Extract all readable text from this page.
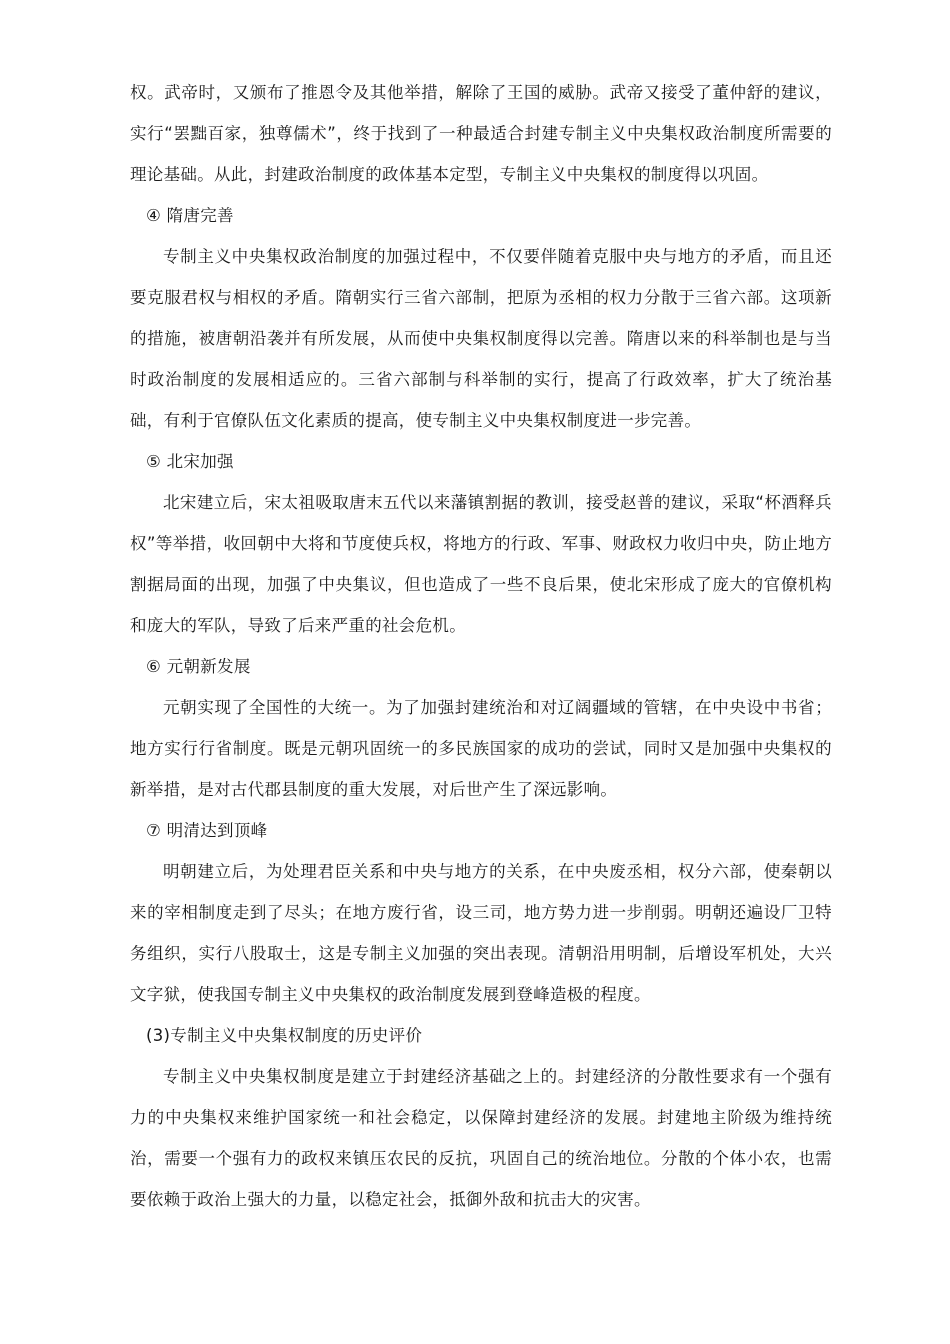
权。武帝时，又颁布了推恩令及其他举措，解除了王国的威胁。武帝又接受了董仲舒的建议，实行“罢黜百家，独尊儒术”，终于找到了一种最适合封建专制主义中央集权政治制度所需要的理论基础。从此，封建政治制度的政体基本定型，专制主义中央集权的制度得以巩固。

④ 隋唐完善

专制主义中央集权政治制度的加强过程中，不仅要伴随着克服中央与地方的矛盾，而且还要克服君权与相权的矛盾。隋朝实行三省六部制，把原为丞相的权力分散于三省六部。这项新的措施，被唐朝沿袭并有所发展，从而使中央集权制度得以完善。隋唐以来的科举制也是与当时政治制度的发展相适应的。三省六部制与科举制的实行，提高了行政效率，扩大了统治基础，有利于官僚队伍文化素质的提高，使专制主义中央集权制度进一步完善。

⑤ 北宋加强

北宋建立后，宋太祖吸取唐末五代以来藩镇割据的教训，接受赵普的建议，采取“杯酒释兵权”等举措，收回朝中大将和节度使兵权，将地方的行政、军事、财政权力收归中央，防止地方割据局面的出现，加强了中央集议，但也造成了一些不良后果，使北宋形成了庞大的官僚机构和庞大的军队，导致了后来严重的社会危机。

⑥ 元朝新发展

元朝实现了全国性的大统一。为了加强封建统治和对辽阔疆域的管辖，在中央设中书省；地方实行行省制度。既是元朝巩固统一的多民族国家的成功的尝试，同时又是加强中央集权的新举措，是对古代郡县制度的重大发展，对后世产生了深远影响。

⑦ 明清达到顶峰

明朝建立后，为处理君臣关系和中央与地方的关系，在中央废丞相，权分六部，使秦朝以来的宰相制度走到了尽头；在地方废行省，设三司，地方势力进一步削弱。明朝还遍设厂卫特务组织，实行八股取士，这是专制主义加强的突出表现。清朝沿用明制，后增设军机处，大兴文字狱，使我国专制主义中央集权的政治制度发展到登峰造极的程度。

(3)专制主义中央集权制度的历史评价

专制主义中央集权制度是建立于封建经济基础之上的。封建经济的分散性要求有一个强有力的中央集权来维护国家统一和社会稳定，以保障封建经济的发展。封建地主阶级为维持统治，需要一个强有力的政权来镇压农民的反抗，巩固自己的统治地位。分散的个体小农，也需要依赖于政治上强大的力量，以稳定社会，抵御外敌和抗击大的灾害。
